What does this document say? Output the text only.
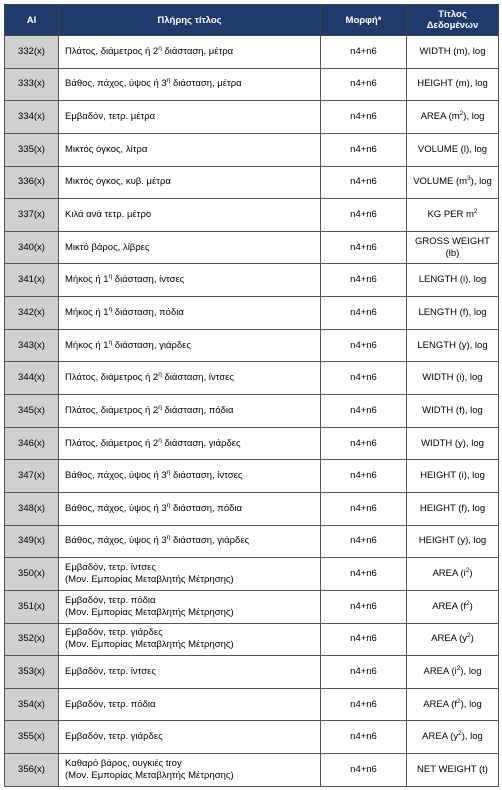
AI	Πλήρης τίτλος	Μορφή*	Τίτλος
Δεδομένων

332(x)	Πλάτος, διάμετρος ή $2^\eta$ διάσταση, μέτρα	n4+n6	WIDTH (m), log

333(x)	Βάθος, πάχος, ύψος ή $3^\eta$ διάσταση, μέτρα	n4+n6	HEIGHT (m), log

334(x)	Εμβαδόν, τετρ. μέτρα	n4+n6	AREA $(m^2)$, log

335(x)	Μικτός όγκος, λίτρα	n4+n6	VOLUME (l), log

336(x)	Μικτός όγκος, κυβ. μέτρα	n4+n6	VOLUME $(m^3)$, log

337(x)	Κιλά ανά τετρ. μέτρο	n4+n6	KG PER $m^2$

340(x)	Μικτό βάρος, λίβρες	n4+n6	GROSS WEIGHT
(lb)

341(x)	Μήκος ή $1^\eta$ διάσταση, ίντσες	n4+n6	LENGTH (i), log

342(x)	Μήκος ή $1^\eta$ διάσταση, πόδια	n4+n6	LENGTH (f), log

343(x)	Μήκος ή $1^\eta$ διάσταση, γιάρδες	n4+n6	LENGTH (y), log

344(x)	Πλάτος, διάμετρος ή $2^\eta$ διάσταση, ίντσες	n4+n6	WIDTH (i), log

345(x)	Πλάτος, διάμετρος ή $2^\eta$ διάσταση, πόδια	n4+n6	WIDTH (f), log

346(x)	Πλάτος, διάμετρος ή $2^\eta$ διάσταση, γιάρδες	n4+n6	WIDTH (y), log

347(x)	Βάθος, πάχος, ύψος ή $3^\eta$ διάσταση, ίντσες	n4+n6	HEIGHT (i), log

348(x)	Βάθος, πάχος, ύψος ή $3^\eta$ διάσταση, πόδια	n4+n6	HEIGHT (f), log

349(x)	Βάθος, πάχος, ύψος ή $3^\eta$ διάσταση, γιάρδες	n4+n6	HEIGHT (y), log

350(x)	Εμβαδόν, τετρ. ίντσες
(Μον. Εμπορίας Μεταβλητής Μέτρησης)	n4+n6	AREA $(i^2)$

351(x)	Εμβαδόν, τετρ. πόδια
(Μον. Εμπορίας Μεταβλητής Μέτρησης)	n4+n6	AREA $(f^2)$

352(x)	Εμβαδόν, τετρ. γιάρδες
(Μον. Εμπορίας Μεταβλητής Μέτρησης)	n4+n6	AREA $(y^2)$

353(x)	Εμβαδόν, τετρ. ίντσες	n4+n6	AREA $(i^2)$, log

354(x)	Εμβαδόν, τετρ. πόδια	n4+n6	AREA $(f^2)$, log

355(x)	Εμβαδόν, τετρ. γιάρδες	n4+n6	AREA $(y^2)$, log

356(x)	Καθαρό βάρος, ουγκιές troy
(Μον. Εμπορίας Μεταβλητής Μέτρησης)	n4+n6	NET WEIGHT (t)
